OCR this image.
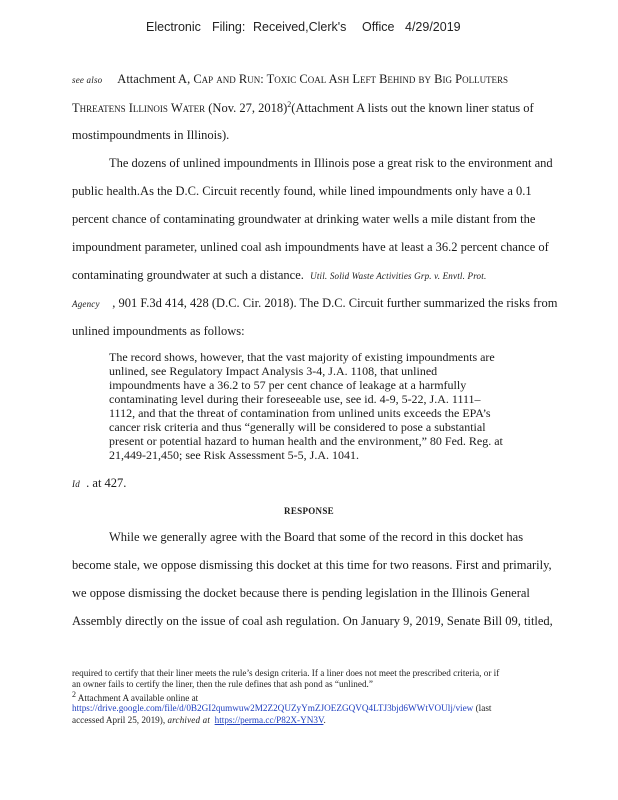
Electronic Filing: Received,Clerk's Office 4/29/2019
see also Attachment A, Cap and Run: Toxic Coal Ash Left Behind by Big Polluters
Threatens Illinois Water (Nov. 27, 2018)$^2$(Attachment A lists out the known liner status of
mostimpoundments in Illinois).
The dozens of unlined impoundments in Illinois pose a great risk to the environment and
public health.As the D.C. Circuit recently found, while lined impoundments only have a 0.1
percent chance of contaminating groundwater at drinking water wells a mile distant from the
impoundment parameter, unlined coal ash impoundments have at least a 36.2 percent chance of
contaminating groundwater at such a distance. Util. Solid Waste Activities Grp. v. Envtl. Prot.
Agency , 901 F.3d 414, 428 (D.C. Cir. 2018). The D.C. Circuit further summarized the risks from
unlined impoundments as follows:
The record shows, however, that the vast majority of existing impoundments are
unlined, see Regulatory Impact Analysis 3-4, J.A. 1108, that unlined
impoundments have a 36.2 to 57 per cent chance of leakage at a harmfully
contaminating level during their foreseeable use, see id. 4-9, 5-22, J.A. 1111–
1112, and that the threat of contamination from unlined units exceeds the EPA’s
cancer risk criteria and thus “generally will be considered to pose a substantial
present or potential hazard to human health and the environment,” 80 Fed. Reg. at
21,449-21,450; see Risk Assessment 5-5, J.A. 1041.
Id . at 427.
RESPONSE
While we generally agree with the Board that some of the record in this docket has
become stale, we oppose dismissing this docket at this time for two reasons. First and primarily,
we oppose dismissing the docket because there is pending legislation in the Illinois General
Assembly directly on the issue of coal ash regulation. On January 9, 2019, Senate Bill 09, titled,
required to certify that their liner meets the rule’s design criteria. If a liner does not meet the prescribed criteria, or if
an owner fails to certify the liner, then the rule defines that ash pond as “unlined.”
2 Attachment A available online at
https://drive.google.com/file/d/0B2GI2qumwuw2M2Z2QUZyYmZJOEZGQVQ4LTJ3bjd6WWtVOUlj/view (last
accessed April 25, 2019), archived at https://perma.cc/P82X-YN3V.
